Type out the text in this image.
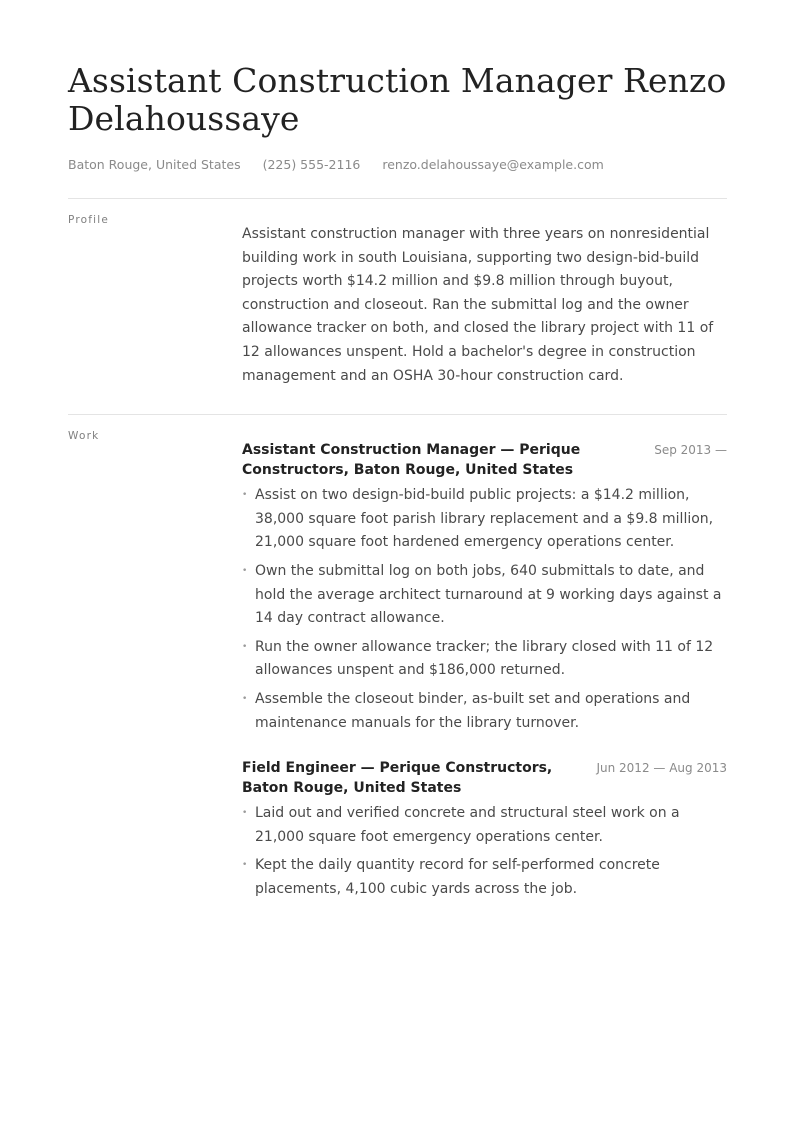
Assistant Construction Manager Renzo Delahoussaye
Baton Rouge, United States (225) 555-2116 renzo.delahoussaye@example.com
Profile
Assistant construction manager with three years on nonresidential building work in south Louisiana, supporting two design-bid-build projects worth $14.2 million and $9.8 million through buyout, construction and closeout. Ran the submittal log and the owner allowance tracker on both, and closed the library project with 11 of 12 allowances unspent. Hold a bachelor's degree in construction management and an OSHA 30-hour construction card.
Work
Assistant Construction Manager — Perique Constructors, Baton Rouge, United States
Sep 2013 —
• Assist on two design-bid-build public projects: a $14.2 million, 38,000 square foot parish library replacement and a $9.8 million, 21,000 square foot hardened emergency operations center.
• Own the submittal log on both jobs, 640 submittals to date, and hold the average architect turnaround at 9 working days against a 14 day contract allowance.
• Run the owner allowance tracker; the library closed with 11 of 12 allowances unspent and $186,000 returned.
• Assemble the closeout binder, as-built set and operations and maintenance manuals for the library turnover.
Field Engineer — Perique Constructors, Baton Rouge, United States
Jun 2012 — Aug 2013
• Laid out and verified concrete and structural steel work on a 21,000 square foot emergency operations center.
• Kept the daily quantity record for self-performed concrete placements, 4,100 cubic yards across the job.
